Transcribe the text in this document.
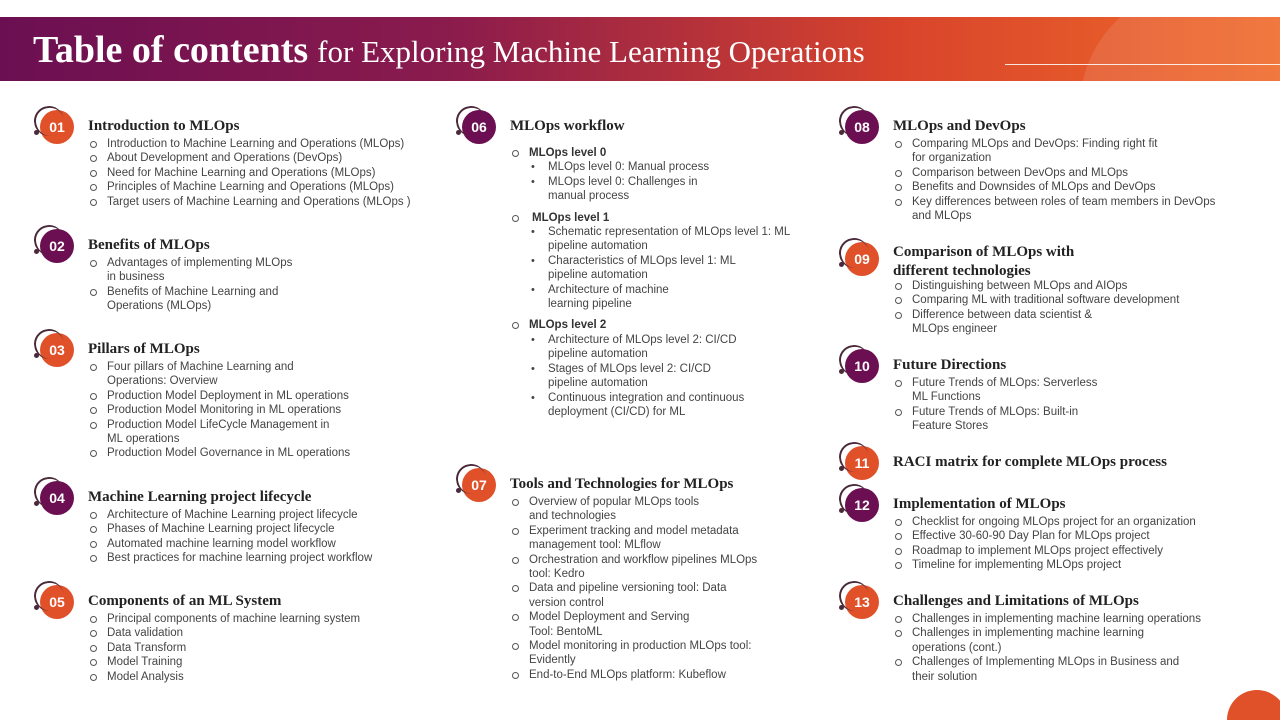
Table of contents for Exploring Machine Learning Operations
01	Introduction to MLOps
Introduction to Machine Learning and Operations (MLOps)
About Development and Operations (DevOps)
Need for Machine Learning and Operations (MLOps)
Principles of Machine Learning and Operations (MLOps)
Target users of Machine Learning and Operations (MLOps )
02	Benefits of MLOps
Advantages of implementing MLOps
in business
Benefits of Machine Learning and
Operations (MLOps)
03	Pillars of MLOps
Four pillars of Machine Learning and
Operations: Overview
Production Model Deployment in ML operations
Production Model Monitoring in ML operations
Production Model LifeCycle Management in
ML operations
Production Model Governance in ML operations
04	Machine Learning project lifecycle
Architecture of Machine Learning project lifecycle
Phases of Machine Learning project lifecycle
Automated machine learning model workflow
Best practices for machine learning project workflow
05	Components of an ML System
Principal components of machine learning system
Data validation
Data Transform
Model Training
Model Analysis
06	MLOps workflow
MLOps level 0
• MLOps level 0: Manual process
• MLOps level 0: Challenges in
manual process
MLOps level 1
• Schematic representation of MLOps level 1: ML
pipeline automation
• Characteristics of MLOps level 1: ML
pipeline automation
• Architecture of machine
learning pipeline
MLOps level 2
• Architecture of MLOps level 2: CI/CD
pipeline automation
• Stages of MLOps level 2: CI/CD
pipeline automation
• Continuous integration and continuous
deployment (CI/CD) for ML
07	Tools and Technologies for MLOps
Overview of popular MLOps tools
and technologies
Experiment tracking and model metadata
management tool: MLflow
Orchestration and workflow pipelines MLOps
tool: Kedro
Data and pipeline versioning tool: Data
version control
Model Deployment and Serving
Tool: BentoML
Model monitoring in production MLOps tool:
Evidently
End-to-End MLOps platform: Kubeflow
08	MLOps and DevOps
Comparing MLOps and DevOps: Finding right fit
for organization
Comparison between DevOps and MLOps
Benefits and Downsides of MLOps and DevOps
Key differences between roles of team members in DevOps
and MLOps
09	Comparison of MLOps with
different technologies
Distinguishing between MLOps and AIOps
Comparing ML with traditional software development
Difference between data scientist &
MLOps engineer
10	Future Directions
Future Trends of MLOps: Serverless
ML Functions
Future Trends of MLOps: Built-in
Feature Stores
11	RACI matrix for complete MLOps process
12	Implementation of MLOps
Checklist for ongoing MLOps project for an organization
Effective 30-60-90 Day Plan for MLOps project
Roadmap to implement MLOps project effectively
Timeline for implementing MLOps project
13	Challenges and Limitations of MLOps
Challenges in implementing machine learning operations
Challenges in implementing machine learning
operations (cont.)
Challenges of Implementing MLOps in Business and
their solution
